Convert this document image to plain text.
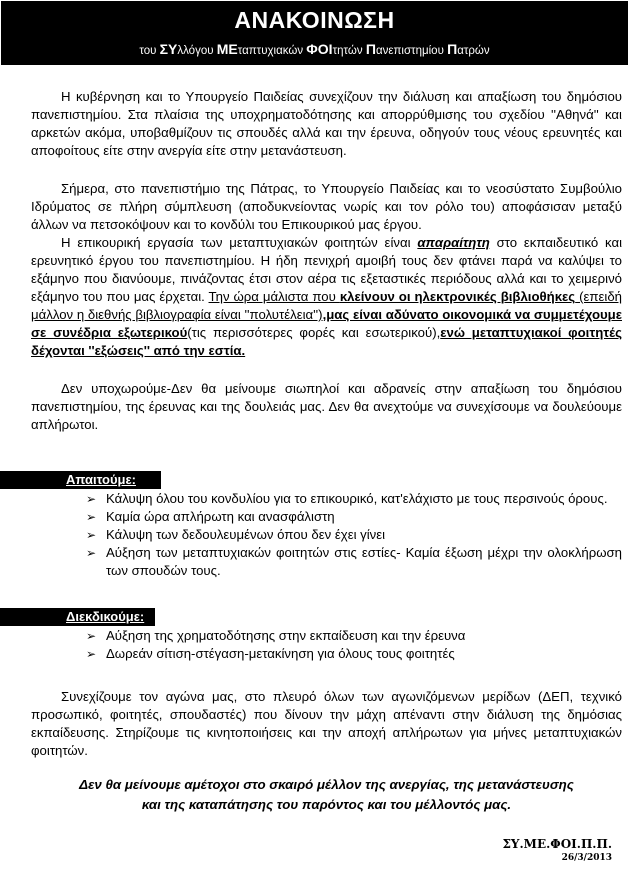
ΑΝΑΚΟΙΝΩΣΗ
του ΣΥλλόγου ΜΕταπτυχιακών ΦΟΙτητών Πανεπιστημίου Πατρών

Η κυβέρνηση και το Υπουργείο Παιδείας συνεχίζουν την διάλυση και απαξίωση του δημόσιου πανεπιστημίου. Στα πλαίσια της υποχρηματοδότησης και απορρύθμισης του σχεδίου ''Αθηνά'' και αρκετών ακόμα, υποβαθμίζουν τις σπουδές αλλά και την έρευνα, οδηγούν τους νέους ερευνητές και αποφοίτους είτε στην ανεργία είτε στην μετανάστευση.

Σήμερα, στο πανεπιστήμιο της Πάτρας, το Υπουργείο Παιδείας και το νεοσύστατο Συμβούλιο Ιδρύματος σε πλήρη σύμπλευση (αποδυκνείοντας νωρίς και τον ρόλο του) αποφάσισαν μεταξύ άλλων να πετσοκόψουν και το κονδύλι του Επικουρικού μας έργου.

Η επικουρική εργασία των μεταπτυχιακών φοιτητών είναι απαραίτητη στο εκπαιδευτικό και ερευνητικό έργου του πανεπιστημίου. Η ήδη πενιχρή αμοιβή τους δεν φτάνει παρά να καλύψει το εξάμηνο που διανύουμε, πινάζοντας έτσι στον αέρα τις εξεταστικές περιόδους αλλά και το χειμερινό εξάμηνο του που μας έρχεται. Την ώρα μάλιστα που κλείνουν οι ηλεκτρονικές βιβλιοθήκες (επειδή μάλλον η διεθνής βιβλιογραφία είναι ''πολυτέλεια''),μας είναι αδύνατο οικονομικά να συμμετέχουμε σε συνέδρια εξωτερικού(τις περισσότερες φορές και εσωτερικού),ενώ μεταπτυχιακοί φοιτητές δέχονται ''εξώσεις'' από την εστία.

Δεν υποχωρούμε-Δεν θα μείνουμε σιωπηλοί και αδρανείς στην απαξίωση του δημόσιου πανεπιστημίου, της έρευνας και της δουλειάς μας. Δεν θα ανεχτούμε να συνεχίσουμε να δουλεύουμε απλήρωτοι.

Απαιτούμε:
➢ Κάλυψη όλου του κονδυλίου για το επικουρικό, κατ'ελάχιστο με τους περσινούς όρους.
➢ Καμία ώρα απλήρωτη και ανασφάλιστη
➢ Κάλυψη των δεδουλευμένων όπου δεν έχει γίνει
➢ Αύξηση των μεταπτυχιακών φοιτητών στις εστίες- Καμία έξωση μέχρι την ολοκλήρωση των σπουδών τους.
Διεκδικούμε:
➢ Αύξηση της χρηματοδότησης στην εκπαίδευση και την έρευνα
➢ Δωρεάν σίτιση-στέγαση-μετακίνηση για όλους τους φοιτητές

Συνεχίζουμε τον αγώνα μας, στο πλευρό όλων των αγωνιζόμενων μερίδων (ΔΕΠ, τεχνικό προσωπικό, φοιτητές, σπουδαστές) που δίνουν την μάχη απέναντι στην διάλυση της δημόσιας εκπαίδευσης. Στηρίζουμε τις κινητοποιήσεις και την αποχή απλήρωτων για μήνες μεταπτυχιακών φοιτητών.

Δεν θα μείνουμε αμέτοχοι στο σκαιρό μέλλον της ανεργίας, της μετανάστευσης
και της καταπάτησης του παρόντος και του μέλλοντός μας.
ΣΥ.ΜΕ.ΦΟΙ.Π.Π.
26/3/2013
